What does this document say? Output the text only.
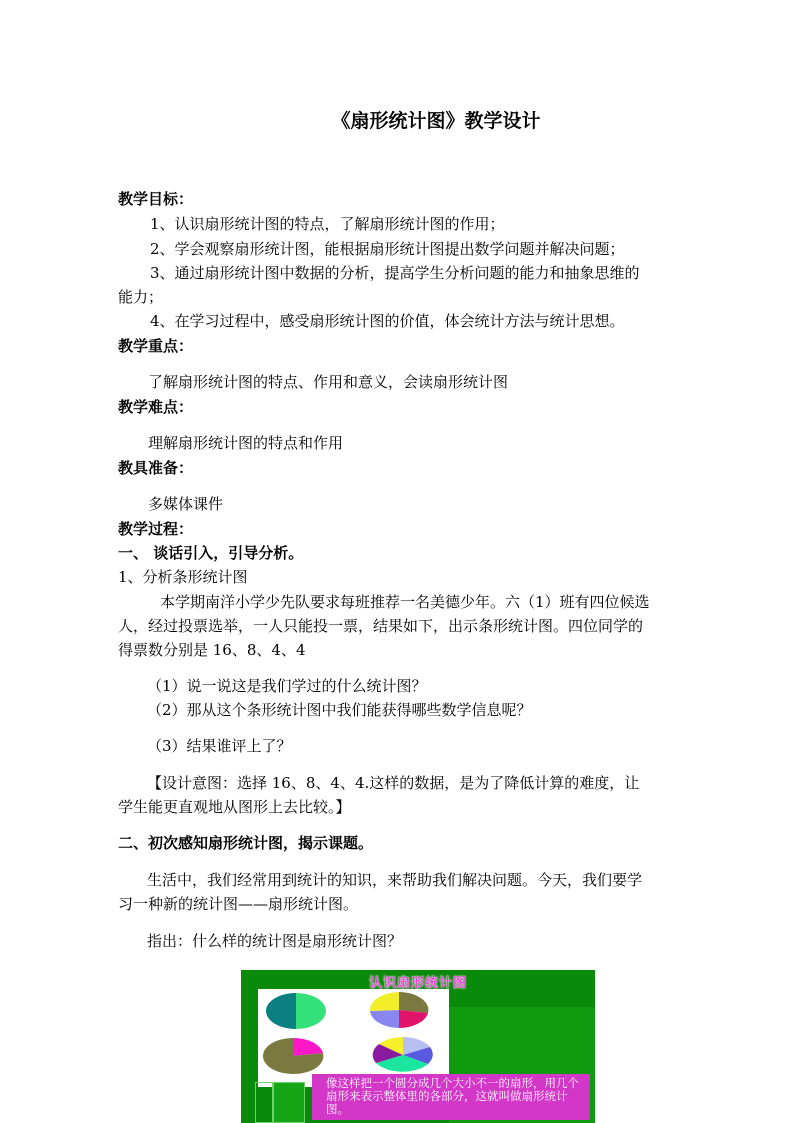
《扇形统计图》教学设计
教学目标：
1、认识扇形统计图的特点，了解扇形统计图的作用；
2、学会观察扇形统计图，能根据扇形统计图提出数学问题并解决问题；
3、通过扇形统计图中数据的分析，提高学生分析问题的能力和抽象思维的
能力；
4、在学习过程中，感受扇形统计图的价值，体会统计方法与统计思想。
教学重点：
了解扇形统计图的特点、作用和意义，会读扇形统计图
教学难点：
理解扇形统计图的特点和作用
教具准备：
多媒体课件
教学过程：
一、 谈话引入，引导分析。
1、分析条形统计图
本学期南洋小学少先队要求每班推荐一名美德少年。六（1）班有四位候选
人，经过投票选举，一人只能投一票，结果如下，出示条形统计图。四位同学的
得票数分别是 16、8、4、4
（1）说一说这是我们学过的什么统计图？
（2）那从这个条形统计图中我们能获得哪些数学信息呢？
（3）结果谁评上了？
【设计意图：选择 16、8、4、4.这样的数据，是为了降低计算的难度，让
学生能更直观地从图形上去比较。】
二、初次感知扇形统计图，揭示课题。
生活中，我们经常用到统计的知识，来帮助我们解决问题。今天，我们要学
习一种新的统计图——扇形统计图。
指出：什么样的统计图是扇形统计图？
认识扇形统计图
像这样把一个圆分成几个大小不一的扇形，用几个扇形来表示整体里的各部分，这就叫做扇形统计图。
